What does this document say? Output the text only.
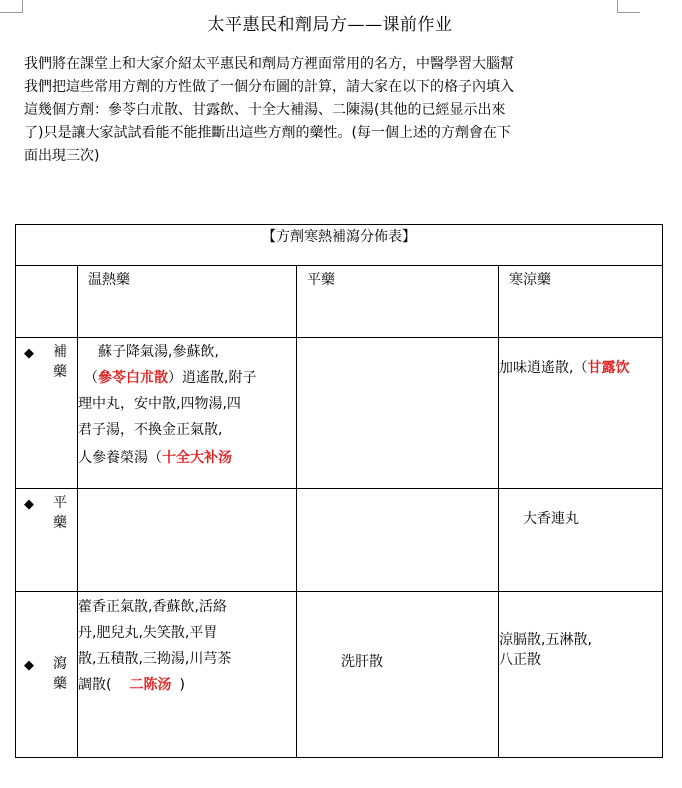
太平惠民和劑局方——课前作业

我們將在課堂上和大家介紹太平惠民和劑局方裡面常用的名方，中醫學習大腦幫

我們把這些常用方劑的方性做了一個分布圖的計算，請大家在以下的格子內填入

這幾個方劑：參苓白朮散、甘露飲、十全大補湯、二陳湯(其他的已經显示出來

了)只是讓大家試試看能不能推斷出這些方劑的藥性。(每一個上述的方劑會在下

面出現三次)

【方劑寒熱補瀉分佈表】			

	温熱藥	平藥	寒涼藥

◆ 補
藥	蘇子降氣湯,參蘇飲,
（參苓白朮散）逍遙散,附子
理中丸，安中散,四物湯,四
君子湯，不換金正氣散,
人參養榮湯（十全大补汤		加味逍遙散,（甘露饮

◆ 平
藥			大香連丸

◆ 瀉
藥	藿香正氣散,香蘇飲,活絡
丹,肥兒丸,失笑散,平胃
散,五積散,三拗湯,川芎茶
調散( 二陈汤 )	洗肝散	涼膈散,五淋散,
八正散
